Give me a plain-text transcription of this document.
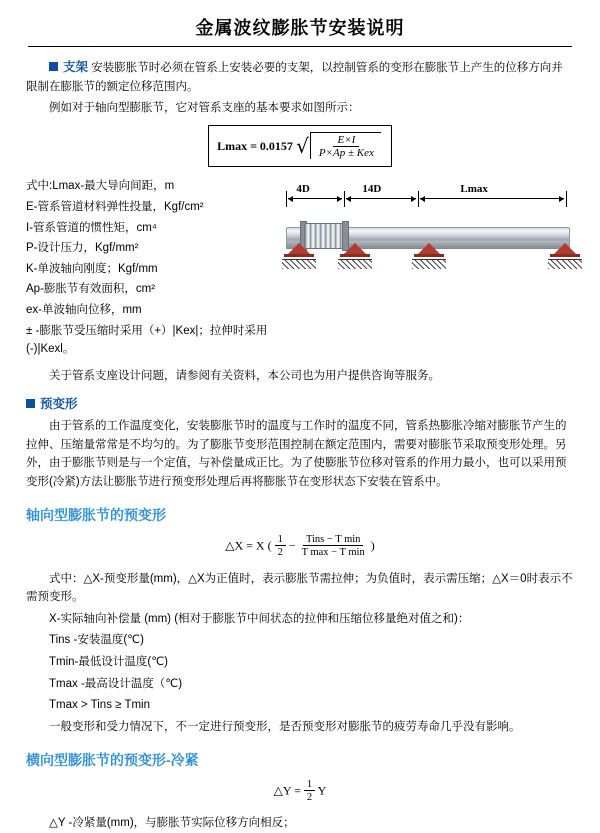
金属波纹膨胀节安装说明

支架 安装膨胀节时必须在管系上安装必要的支架，以控制管系的变形在膨胀节上产生的位移方向并限制在膨胀节的额定位移范围内。

例如对于轴向型膨胀节，它对管系支座的基本要求如图所示：

Lmax = 0.0157 √ $\frac{E\times I}{\text{P×Ap ± Kex}}$

式中:Lmax-最大导向间距，m

E-管系管道材料弹性投量，Kgf/cm²

I-管系管道的惯性矩，cm⁴

P-设计压力，Kgf/mm²

K-单波轴向刚度；Kgf/mm

Ap-膨胀节有效面积，cm²

ex-单波轴向位移，mm

± -膨胀节受压缩时采用（+）|Kex|；拉伸时采用(-)|Kexl。

4D	14D	Lmax

关于管系支座设计问题，请参阅有关资料，本公司也为用户提供咨询等服务。

预变形

由于管系的工作温度变化，安装膨胀节时的温度与工作时的温度不同，管系热膨胀冷缩对膨胀节产生的拉伸、压缩量常常是不均匀的。为了膨胀节变形范围控制在额定范围内，需要对膨胀节采取预变形处理。另外，由于膨胀节则是与一个定值，与补偿量成正比。为了使膨胀节位移对管系的作用力最小，也可以采用预变形(冷紧)方法让膨胀节进行预变形处理后再将膨胀节在变形状态下安装在管系中。

轴向型膨胀节的预变形
△X = X ( $\frac{1}{2} - \frac{\text{Tins − T min}}{\text{T max − T min}}$ )

式中：△X-预变形量(mm)，△X为正值时，表示膨胀节需拉伸；为负值时，表示需压缩；△X＝0时表示不需预变形。

X-实际轴向补偿量 (mm) (相对于膨胀节中间状态的拉伸和压缩位移量绝对值之和)：

Tins -安装温度(℃)

Tmin-最低设计温度(℃)

Tmax -最高设计温度（℃)

Tmax > Tins ≥ Tmin

一般变形和受力情况下，不一定进行预变形，是否预变形对膨胀节的疲劳寿命几乎没有影响。

横向型膨胀节的预变形-冷紧
△Y = $\frac{1}{2}$ Y

△Y -冷紧量(mm)，与膨胀节实际位移方向相反；
